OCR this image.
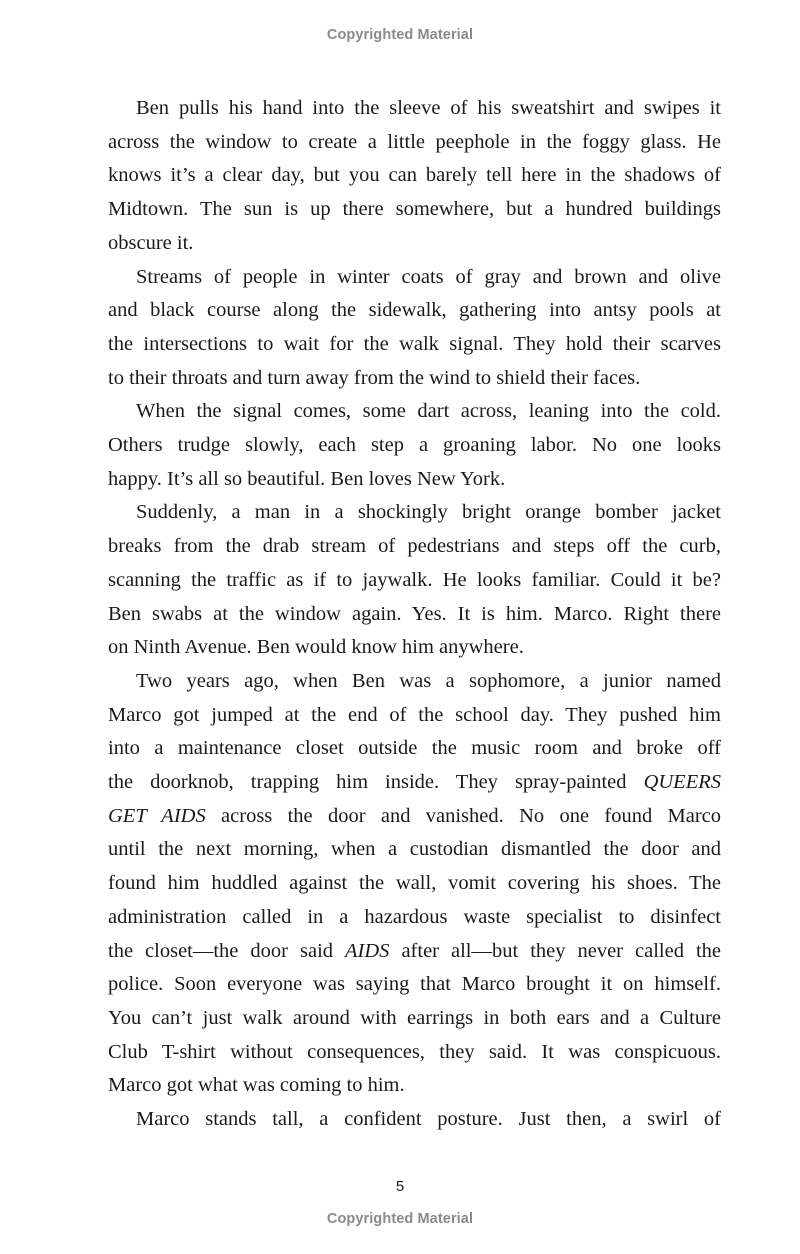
Copyrighted Material
Ben pulls his hand into the sleeve of his sweatshirt and swipes it
across the window to create a little peephole in the foggy glass. He
knows it’s a clear day, but you can barely tell here in the shadows of
Midtown. The sun is up there somewhere, but a hundred buildings
obscure it.
Streams of people in winter coats of gray and brown and olive
and black course along the sidewalk, gathering into antsy pools at
the intersections to wait for the walk signal. They hold their scarves
to their throats and turn away from the wind to shield their faces.
When the signal comes, some dart across, leaning into the cold.
Others trudge slowly, each step a groaning labor. No one looks
happy. It’s all so beautiful. Ben loves New York.
Suddenly, a man in a shockingly bright orange bomber jacket
breaks from the drab stream of pedestrians and steps off the curb,
scanning the traffic as if to jaywalk. He looks familiar. Could it be?
Ben swabs at the window again. Yes. It is him. Marco. Right there
on Ninth Avenue. Ben would know him anywhere.
Two years ago, when Ben was a sophomore, a junior named
Marco got jumped at the end of the school day. They pushed him
into a maintenance closet outside the music room and broke off
the doorknob, trapping him inside. They spray-painted QUEERS
GET AIDS across the door and vanished. No one found Marco
until the next morning, when a custodian dismantled the door and
found him huddled against the wall, vomit covering his shoes. The
administration called in a hazardous waste specialist to disinfect
the closet—the door said AIDS after all—but they never called the
police. Soon everyone was saying that Marco brought it on himself.
You can’t just walk around with earrings in both ears and a Culture
Club T-shirt without consequences, they said. It was conspicuous.
Marco got what was coming to him.
Marco stands tall, a confident posture. Just then, a swirl of
5
Copyrighted Material
